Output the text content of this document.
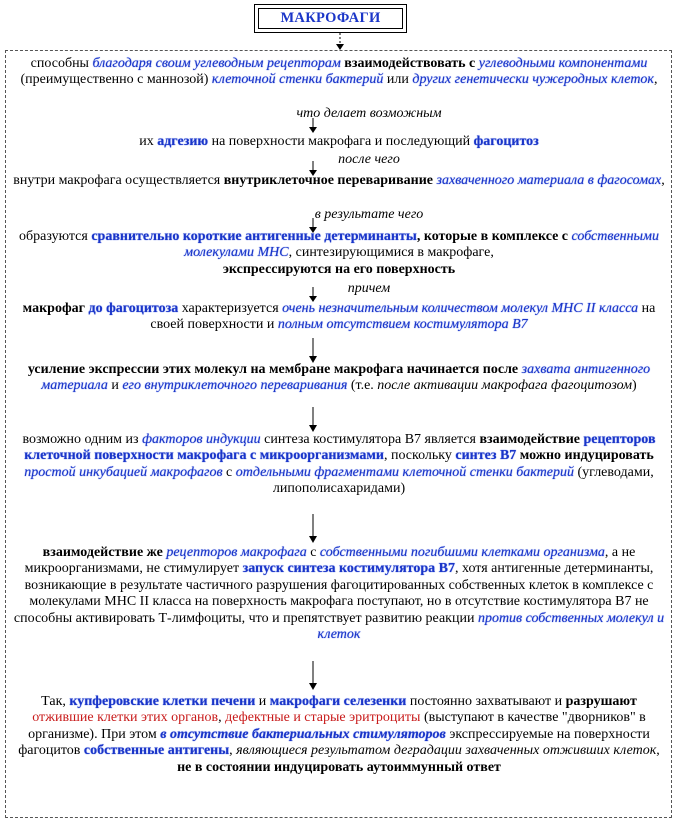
МАКРОФАГИ
способны благодаря своим углеводным рецепторам взаимодействовать с углеводными компонентами (преимущественно с маннозой) клеточной стенки бактерий или других генетически чужеродных клеток,
что делает возможным
их адгезию на поверхности макрофага и последующий фагоцитоз
после чего
внутри макрофага осуществляется внутриклеточное переваривание захваченного материала в фагосомах,
в результате чего
образуются сравнительно короткие антигенные детерминанты, которые в комплексе с собственными молекулами МНС, синтезирующимися в макрофаге,
экспрессируются на его поверхность
причем
макрофаг до фагоцитоза характеризуется очень незначительным количеством молекул МНС II класса на своей поверхности и полным отсутствием костимулятора В7
усиление экспрессии этих молекул на мембране макрофага начинается после захвата антигенного материала и его внутриклеточного переваривания (т.е. после активации макрофага фагоцитозом)
возможно одним из факторов индукции синтеза костимулятора В7 является взаимодействие рецепторов клеточной поверхности макрофага с микроорганизмами, поскольку синтез В7 можно индуцировать простой инкубацией макрофагов с отдельными фрагментами клеточной стенки бактерий (углеводами, липополисахаридами)
взаимодействие же рецепторов макрофага с собственными погибшими клетками организма, а не микроорганизмами, не стимулирует запуск синтеза костимулятора В7, хотя антигенные детерминанты, возникающие в результате частичного разрушения фагоцитированных собственных клеток в комплексе с молекулами МНС II класса на поверхность макрофага поступают, но в отсутствие костимулятора В7 не способны активировать Т-лимфоциты, что и препятствует развитию реакции против собственных молекул и клеток
Так, купферовские клетки печени и макрофаги селезенки постоянно захватывают и разрушают отжившие клетки этих органов, дефектные и старые эритроциты (выступают в качестве "дворников" в организме). При этом в отсутствие бактериальных стимуляторов экспрессируемые на поверхности фагоцитов собственные антигены, являющиеся результатом деградации захваченных отживших клеток, не в состоянии индуцировать аутоиммунный ответ
